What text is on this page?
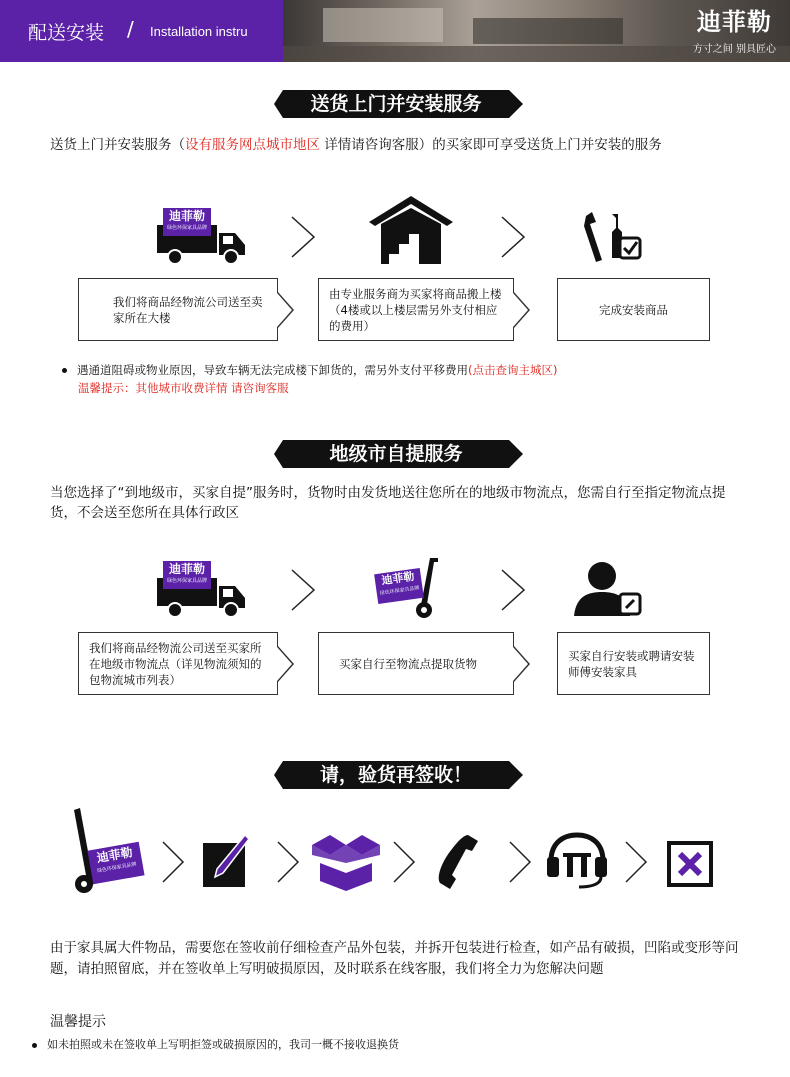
配送安装 / Installation instru	迪菲勒
方寸之间 别具匠心
送货上门并安装服务
送货上门并安装服务（设有服务网点城市地区 详情请咨询客服）的买家即可享受送货上门并安装的服务
迪菲勒
绿色环保家具品牌
我们将商品经物流公司送至卖家所在大楼
由专业服务商为买家将商品搬上楼（4楼或以上楼层需另外支付相应的费用）
完成安装商品
遇通道阻碍或物业原因，导致车辆无法完成楼下卸货的，需另外支付平移费用(点击查询主城区)
温馨提示：其他城市收费详情 请咨询客服
地级市自提服务
当您选择了“到地级市，买家自提”服务时，货物时由发货地送往您所在的地级市物流点，您需自行至指定物流点提货，不会送至您所在具体行政区
迪菲勒
绿色环保家具品牌	迪菲勒
绿色环保家具品牌
我们将商品经物流公司送至买家所在地级市物流点（详见物流须知的包物流城市列表）
买家自行至物流点提取货物
买家自行安装或聘请安装师傅安装家具
请，验货再签收！
迪菲勒
绿色环保家具品牌
由于家具属大件物品，需要您在签收前仔细检查产品外包装，并拆开包装进行检查，如产品有破损，凹陷或变形等问题，请拍照留底，并在签收单上写明破损原因，及时联系在线客服，我们将全力为您解决问题
温馨提示
如未拍照或未在签收单上写明拒签或破损原因的，我司一概不接收退换货
